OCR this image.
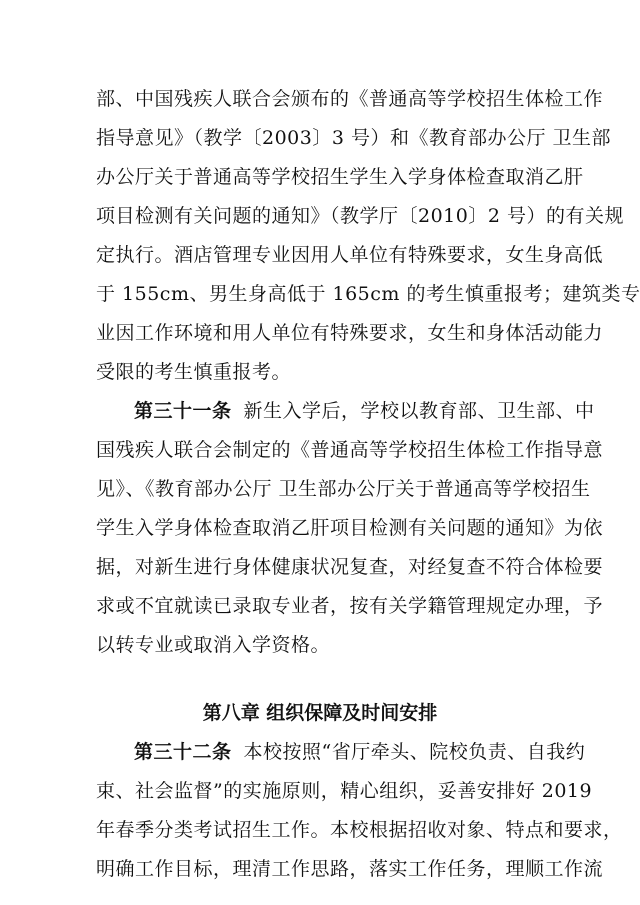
部、中国残疾人联合会颁布的《普通高等学校招生体检工作
指导意见》（教学〔2003〕3 号）和《教育部办公厅 卫生部
办公厅关于普通高等学校招生学生入学身体检查取消乙肝
项目检测有关问题的通知》（教学厅〔2010〕2 号）的有关规
定执行。酒店管理专业因用人单位有特殊要求，女生身高低
于 155cm、男生身高低于 165cm 的考生慎重报考；建筑类专
业因工作环境和用人单位有特殊要求，女生和身体活动能力
受限的考生慎重报考。
第三十一条 新生入学后，学校以教育部、卫生部、中
国残疾人联合会制定的《普通高等学校招生体检工作指导意
见》、《教育部办公厅 卫生部办公厅关于普通高等学校招生
学生入学身体检查取消乙肝项目检测有关问题的通知》为依
据，对新生进行身体健康状况复查，对经复查不符合体检要
求或不宜就读已录取专业者，按有关学籍管理规定办理，予
以转专业或取消入学资格。
第八章 组织保障及时间安排
第三十二条 本校按照“省厅牵头、院校负责、自我约
束、社会监督”的实施原则，精心组织，妥善安排好 2019
年春季分类考试招生工作。本校根据招收对象、特点和要求，
明确工作目标，理清工作思路，落实工作任务，理顺工作流
